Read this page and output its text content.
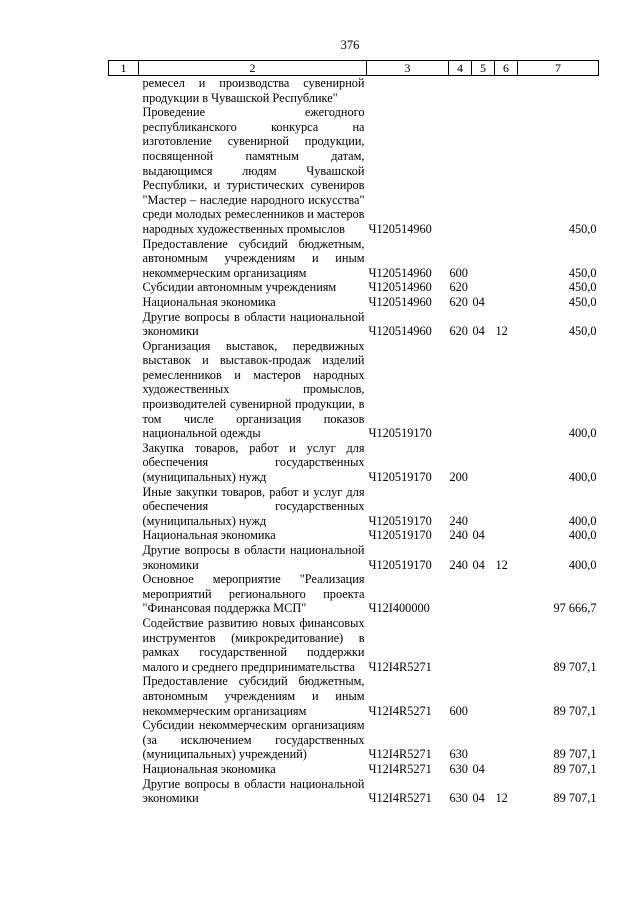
376
1	2	3	4	5	6	7
	ремесел и производства сувенирной продукции в Чувашской Республике"					
	Проведение ежегодного республиканского конкурса на изготовление сувенирной продукции, посвященной памятным датам, выдающимся людям Чувашской Республики, и туристических сувениров "Мастер – наследие народного искусства" среди молодых ремесленников и мастеров народных художественных промыслов	Ч120514960				450,0
	Предоставление субсидий бюджетным, автономным учреждениям и иным некоммерческим организациям	Ч120514960	600			450,0
	Субсидии автономным учреждениям	Ч120514960	620			450,0
	Национальная экономика	Ч120514960	620	04		450,0
	Другие вопросы в области национальной экономики	Ч120514960	620	04	12	450,0
	Организация выставок, передвижных выставок и выставок-продаж изделий ремесленников и мастеров народных художественных промыслов, производителей сувенирной продукции, в том числе организация показов национальной одежды	Ч120519170				400,0
	Закупка товаров, работ и услуг для обеспечения государственных (муниципальных) нужд	Ч120519170	200			400,0
	Иные закупки товаров, работ и услуг для обеспечения государственных (муниципальных) нужд	Ч120519170	240			400,0
	Национальная экономика	Ч120519170	240	04		400,0
	Другие вопросы в области национальной экономики	Ч120519170	240	04	12	400,0
	Основное мероприятие "Реализация мероприятий регионального проекта "Финансовая поддержка МСП"	Ч12I400000				97 666,7
	Содействие развитию новых финансовых инструментов (микрокредитование) в рамках государственной поддержки малого и среднего предпринимательства	Ч12I4R5271				89 707,1
	Предоставление субсидий бюджетным, автономным учреждениям и иным некоммерческим организациям	Ч12I4R5271	600			89 707,1
	Субсидии некоммерческим организациям (за исключением государственных (муниципальных) учреждений)	Ч12I4R5271	630			89 707,1
	Национальная экономика	Ч12I4R5271	630	04		89 707,1
	Другие вопросы в области национальной экономики	Ч12I4R5271	630	04	12	89 707,1
